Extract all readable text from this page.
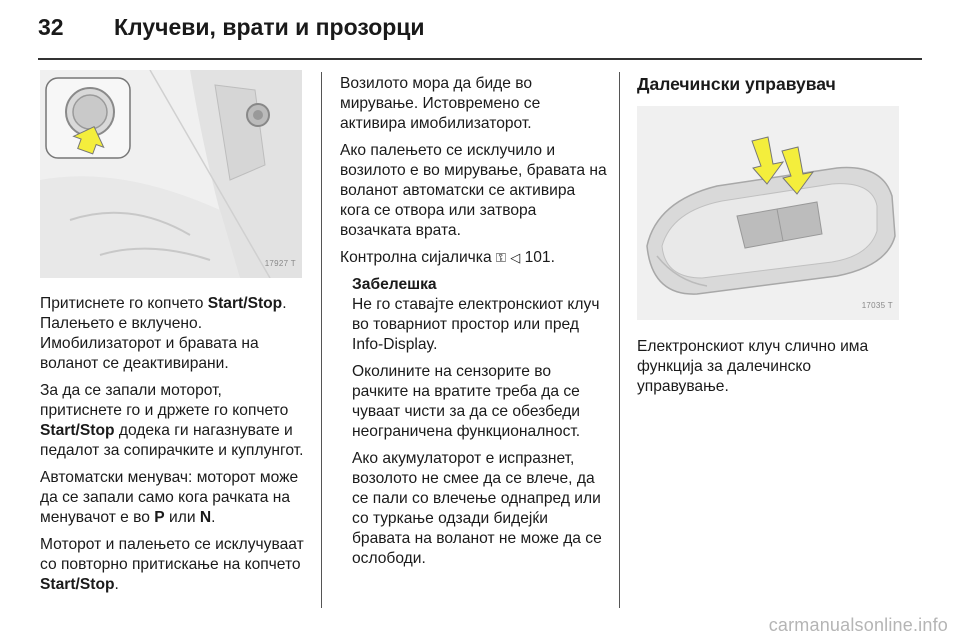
32	Клучеви, врати и прозорци
17927 T

Притиснете го копчето Start/Stop. Палењето е вклучено. Имобилизаторот и бравата на воланот се деактивирани.

За да се запали моторот, притиснете го и држете го копчето Start/Stop додека ги нагазнувате и педалот за сопирачките и куплунгот.

Автоматски менувач: моторот може да се запали само кога рачката на менувачот е во P или N.

Моторот и палењето се исклучуваат со повторно притискање на копчето Start/Stop.

Возилото мора да биде во мирување. Истовремено се активира имобилизаторот.

Ако палењето се исклучило и возилото е во мирување, бравата на воланот автоматски се активира кога се отвора или затвора возачката врата.

Контролна сијаличка ⚿ ◁ 101.

Забелешка

Не го ставајте електронскиот клуч во товарниот простор или пред Info-Display.

Околините на сензорите во рачките на вратите треба да се чуваат чисти за да се обезбеди неограничена функционалност.

Ако акумулаторот е испразнет, возолото не смее да се влече, да се пали со влечење однапред или со туркање одзади бидејќи бравата на воланот не може да се ослободи.

Далечински управувач
17035 T

Електронскиот клуч слично има функција за далечинско управување.

carmanualsonline.info
